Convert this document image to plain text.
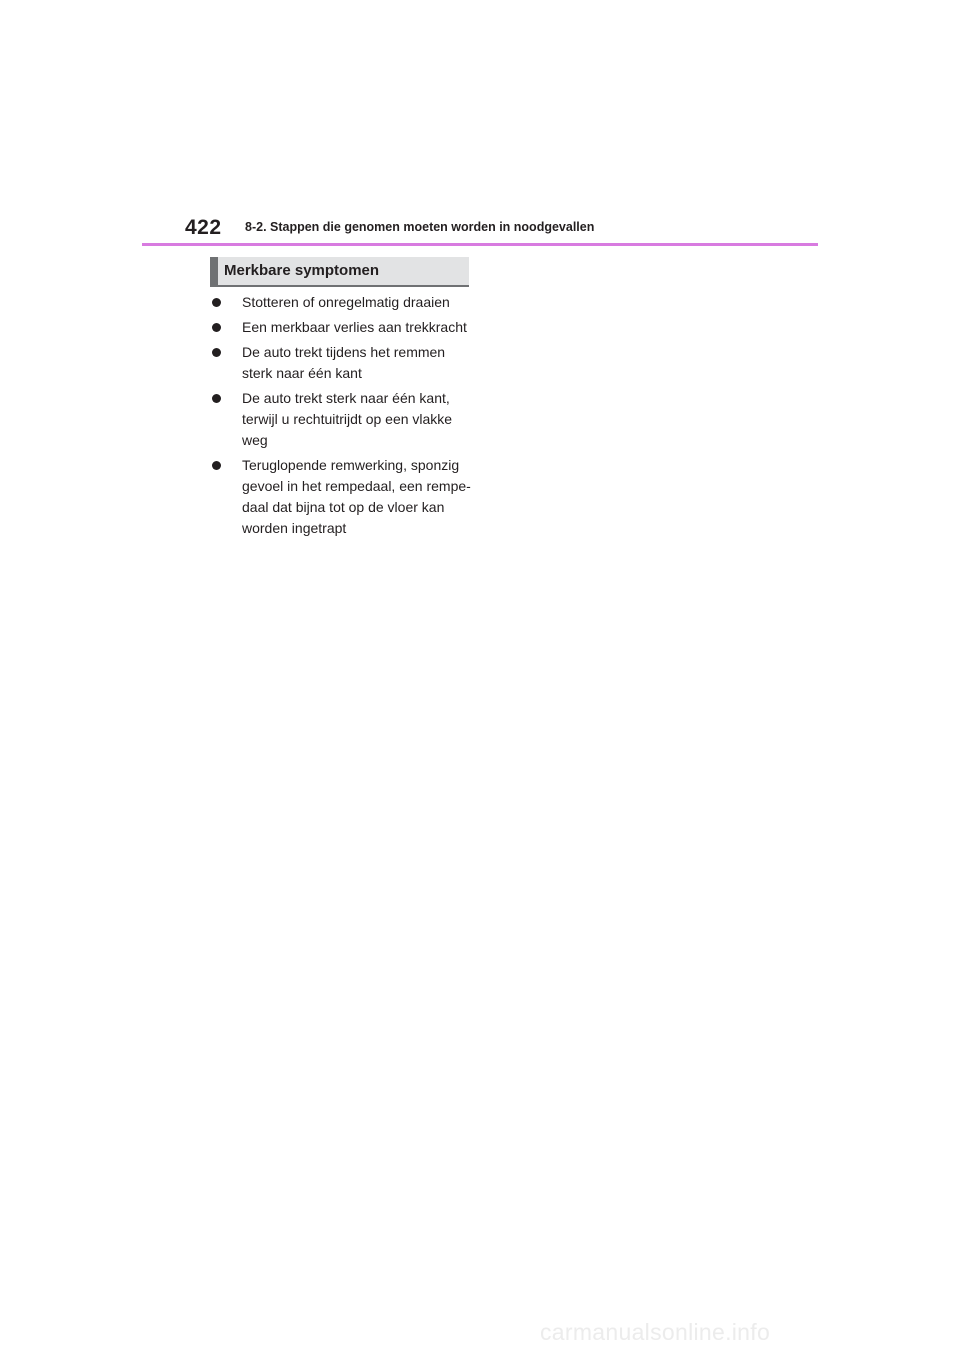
422 8-2. Stappen die genomen moeten worden in noodgevallen
Merkbare symptomen
Stotteren of onregelmatig draaien
Een merkbaar verlies aan trekkracht
De auto trekt tijdens het remmen sterk naar één kant
De auto trekt sterk naar één kant, terwijl u rechtuitrijdt op een vlakke weg
Teruglopende remwerking, sponzig gevoel in het rempedaal, een rempe-daal dat bijna tot op de vloer kan worden ingetrapt
carmanualsonline.info
